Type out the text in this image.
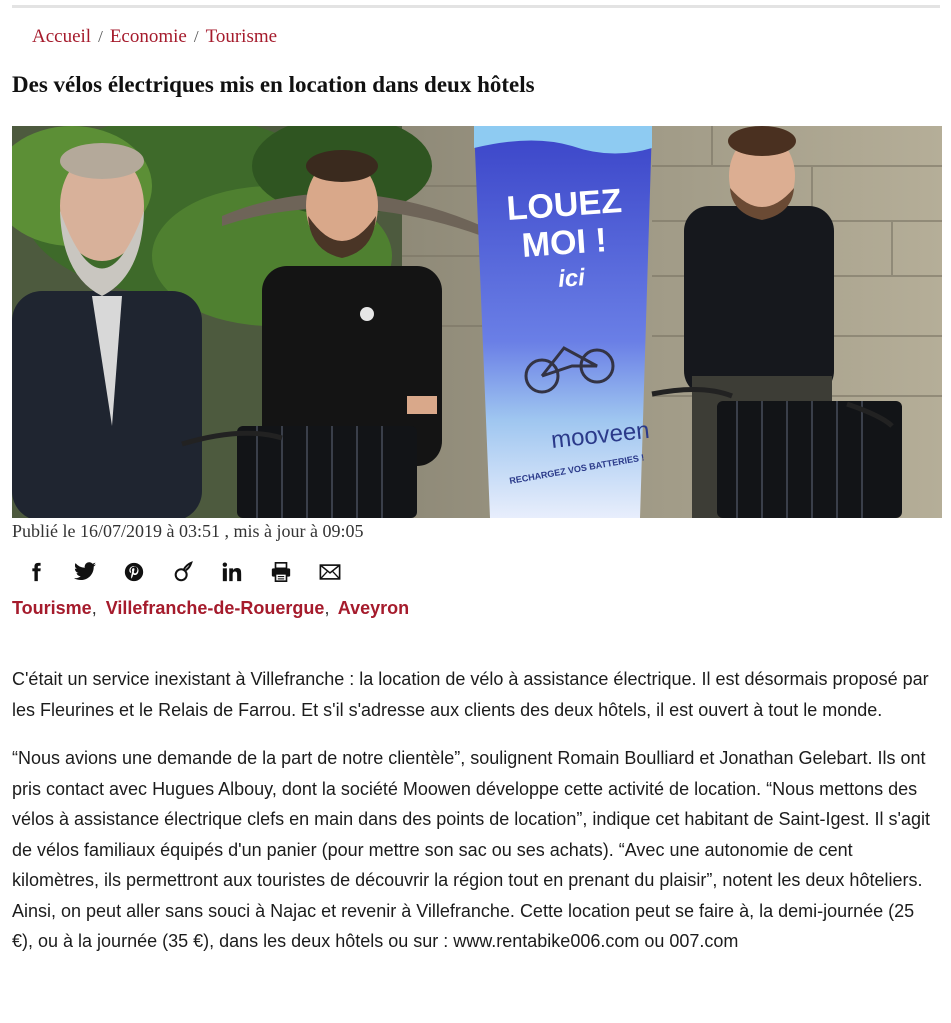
Accueil / Economie / Tourisme
Des vélos électriques mis en location dans deux hôtels
LOUEZ
MOI !
ici
mooveen
RECHARGEZ VOS BATTERIES !
Publié le 16/07/2019 à 03:51 , mis à jour à 09:05
Tourisme, Villefranche-de-Rouergue, Aveyron

C'était un service inexistant à Villefranche : la location de vélo à assistance électrique. Il est désormais proposé par les Fleurines et le Relais de Farrou. Et s'il s'adresse aux clients des deux hôtels, il est ouvert à tout le monde.

“Nous avions une demande de la part de notre clientèle”, soulignent Romain Boulliard et Jonathan Gelebart. Ils ont pris contact avec Hugues Albouy, dont la société Moowen développe cette activité de location. “Nous mettons des vélos à assistance électrique clefs en main dans des points de location”, indique cet habitant de Saint-Igest. Il s'agit de vélos familiaux équipés d'un panier (pour mettre son sac ou ses achats). “Avec une autonomie de cent kilomètres, ils permettront aux touristes de découvrir la région tout en prenant du plaisir”, notent les deux hôteliers. Ainsi, on peut aller sans souci à Najac et revenir à Villefranche. Cette location peut se faire à, la demi-journée (25 €), ou à la journée (35 €), dans les deux hôtels ou sur : www.rentabike006.com ou 007.com
